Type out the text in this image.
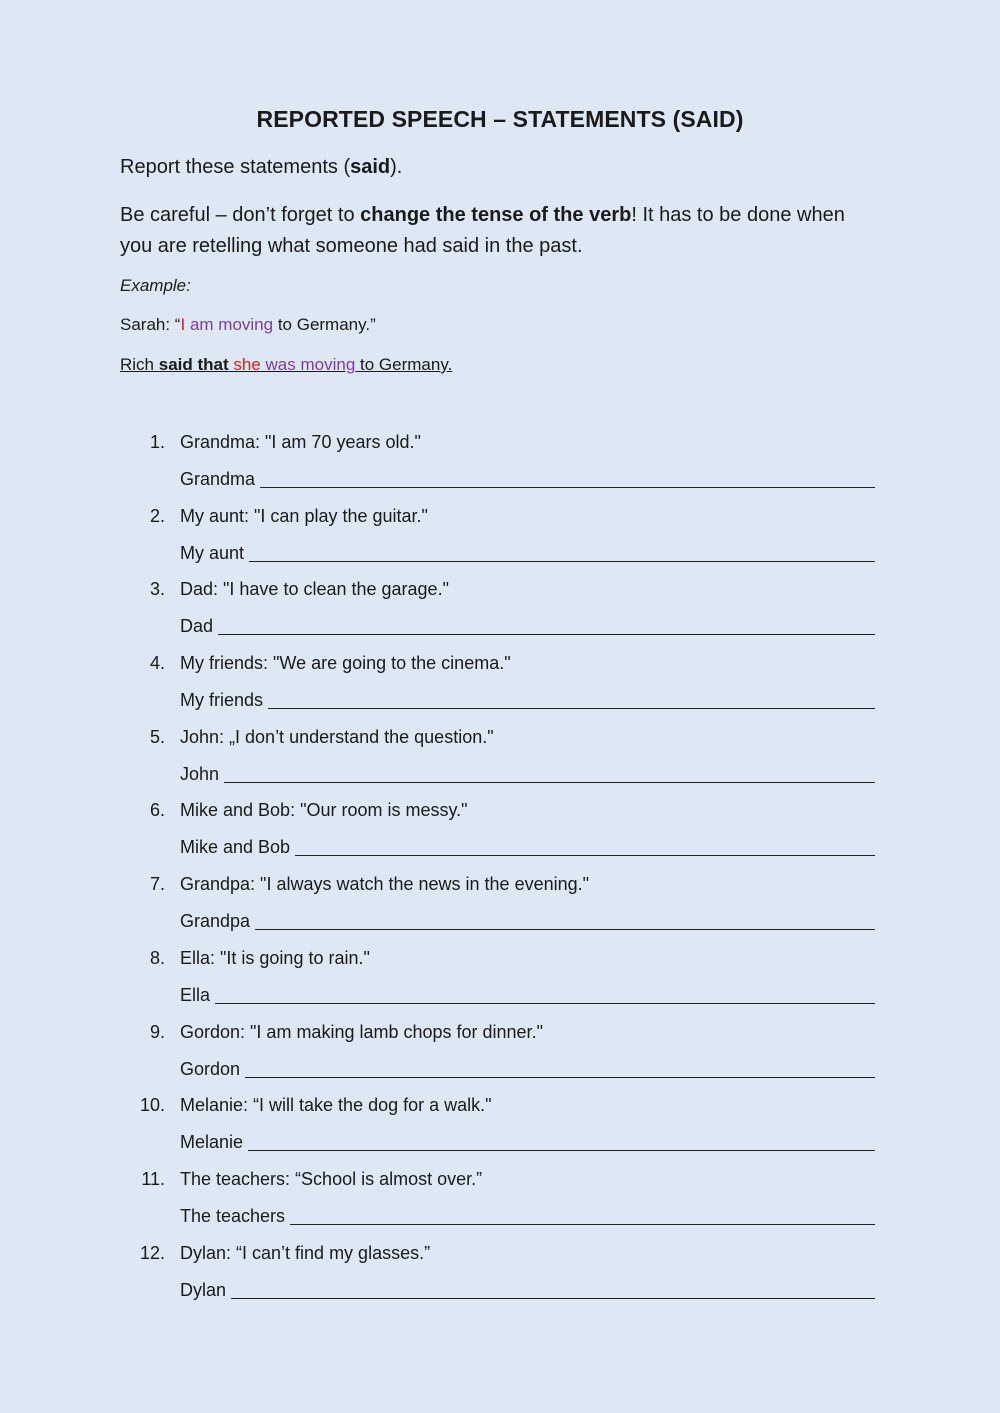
REPORTED SPEECH – STATEMENTS (SAID)
Report these statements (said).
Be careful – don’t forget to change the tense of the verb! It has to be done when you are retelling what someone had said in the past.
Example:
Sarah: “I am moving to Germany.”
Rich said that she was moving to Germany.
1. Grandma: "I am 70 years old."
Grandma
2. My aunt: "I can play the guitar."
My aunt
3. Dad: "I have to clean the garage."
Dad
4. My friends: "We are going to the cinema."
My friends
5. John: „I don’t understand the question."
John
6. Mike and Bob: "Our room is messy."
Mike and Bob
7. Grandpa: "I always watch the news in the evening."
Grandpa
8. Ella: "It is going to rain."
Ella
9. Gordon: "I am making lamb chops for dinner."
Gordon
10. Melanie: “I will take the dog for a walk."
Melanie
11. The teachers: “School is almost over.”
The teachers
12. Dylan: “I can’t find my glasses.”
Dylan
